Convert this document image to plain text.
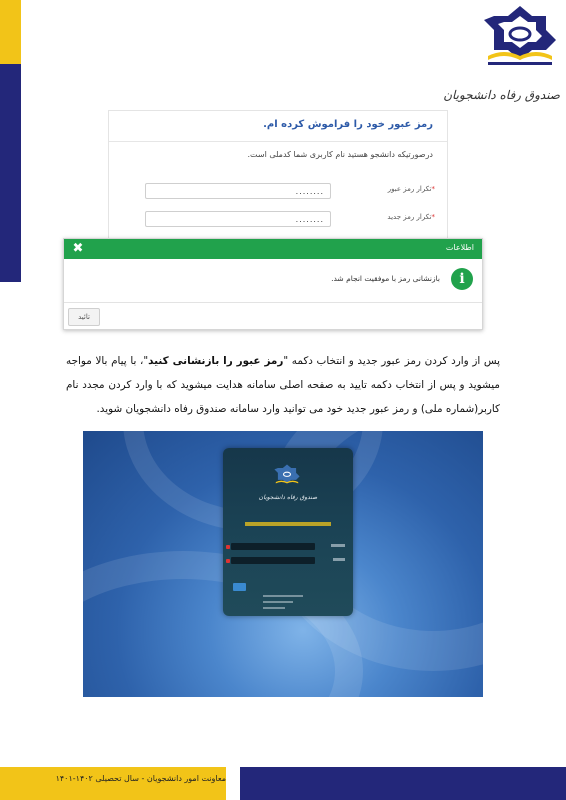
صندوق رفاه دانشجویان
رمز عبور خود را فراموش کرده ام.
درصورتیکه دانشجو هستید نام کاربری شما کدملی است.
*تکرار رمز عبور
........
*تکرار رمز جدید
........
اطلاعات
✖
i
بازنشانی رمز با موفقیت انجام شد.
تائید

پس از وارد کردن رمز عبور جدید و انتخاب دکمه "رمز عبور را بازنشانی کنید"، با پیام بالا مواجه میشوید و پس از انتخاب دکمه تایید به صفحه اصلی سامانه هدایت میشوید که با وارد کردن مجدد نام کاربر(شماره ملی) و رمز عبور جدید خود می توانید وارد سامانه صندوق رفاه دانشجویان شوید.

صندوق رفاه دانشجویان
معاونت امور دانشجویان - سال تحصیلی ۱۴۰۲-۱۴۰۱
